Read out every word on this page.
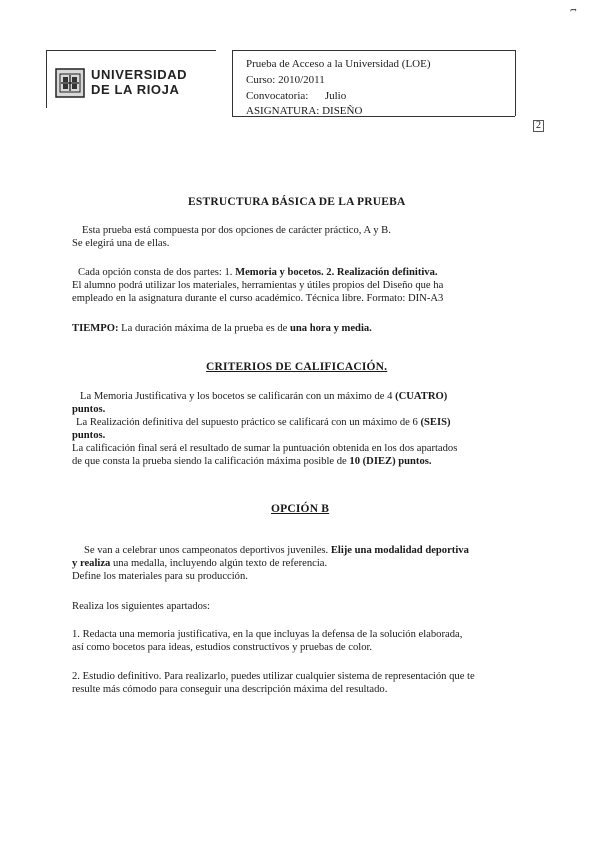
t
UNIVERSIDAD
DE LA RIOJA
Prueba de Acceso a la Universidad (LOE)
Curso: 2010/2011
Convocatoria:      Julio
ASIGNATURA: DISEÑO
2
ESTRUCTURA BÁSICA DE LA PRUEBA
Esta prueba está compuesta por dos opciones de carácter práctico, A y B.
Se elegirá una de ellas.
Cada opción consta de dos partes: 1. Memoria y bocetos. 2. Realización definitiva.
El alumno podrá utilizar los materiales, herramientas y útiles propios del Diseño que ha
empleado en la asignatura durante el curso académico. Técnica libre. Formato: DIN-A3
TIEMPO: La duración máxima de la prueba es de una hora y media.
CRITERIOS DE CALIFICACIÓN.
La Memoria Justificativa y los bocetos se calificarán con un máximo de 4 (CUATRO)
puntos.
La Realización definitiva del supuesto práctico se calificará con un máximo de 6 (SEIS)
puntos.
La calificación final será el resultado de sumar la puntuación obtenida en los dos apartados
de que consta la prueba siendo la calificación máxima posible de 10 (DIEZ) puntos.
OPCIÓN B
Se van a celebrar unos campeonatos deportivos juveniles. Elije una modalidad deportiva
y realiza una medalla, incluyendo algún texto de referencia.
Define los materiales para su producción.
Realiza los siguientes apartados:
1. Redacta una memoria justificativa, en la que incluyas la defensa de la solución elaborada,
así como bocetos para ideas, estudios constructivos y pruebas de color.
2. Estudio definitivo. Para realizarlo, puedes utilizar cualquier sistema de representación que te
resulte más cómodo para conseguir una descripción máxima del resultado.
